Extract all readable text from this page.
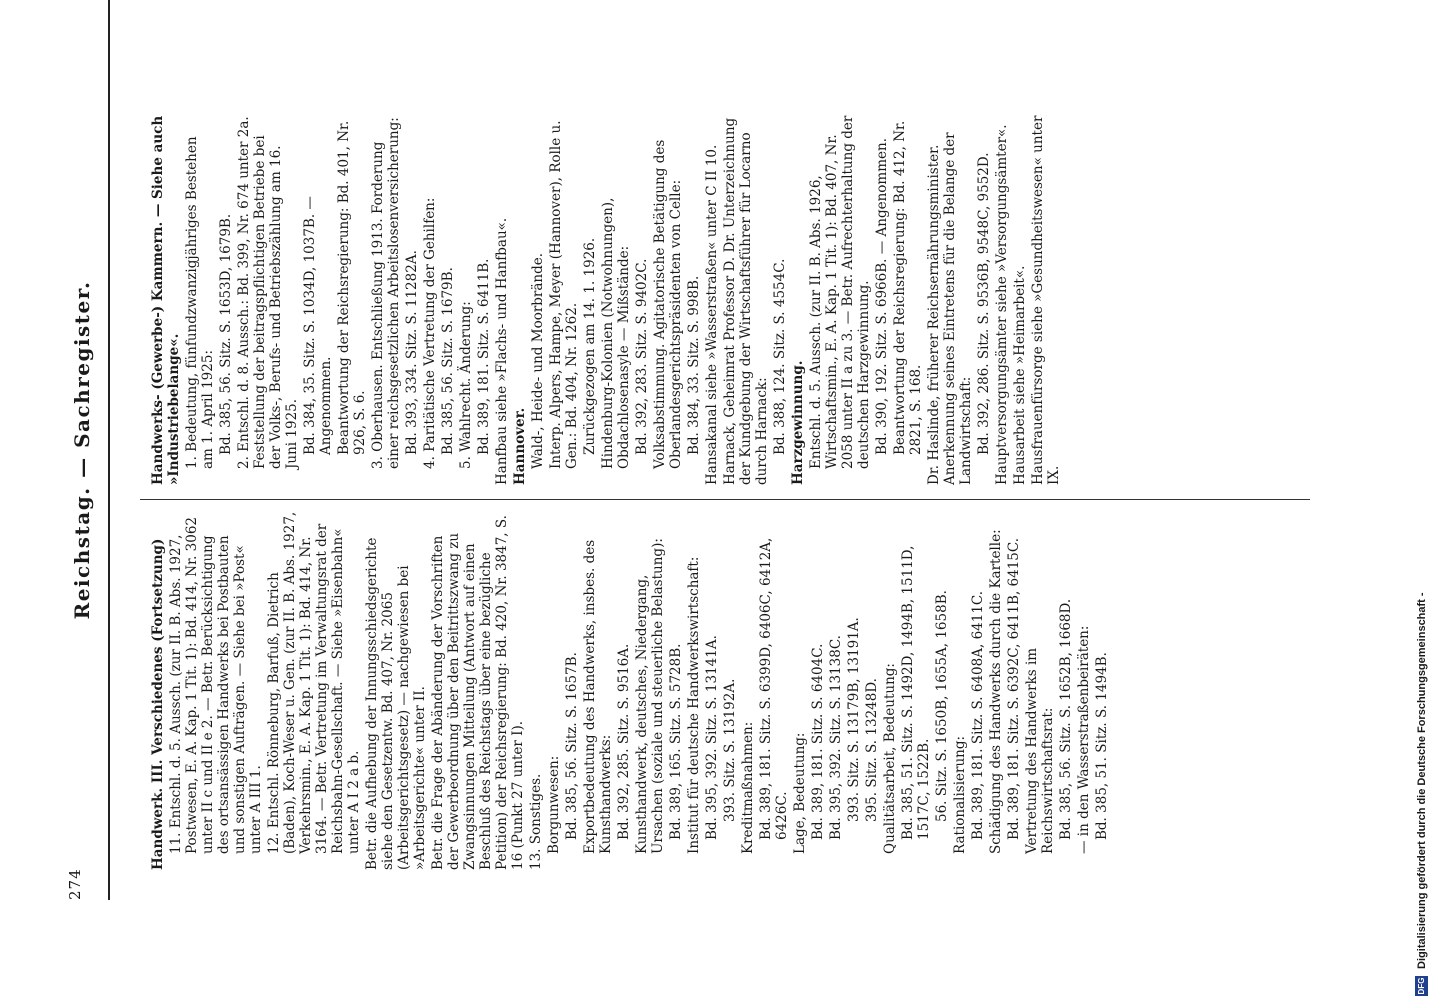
274
Reichstag. — Sachregister.

Handwerk. III. Verschiedenes (Fortsetzung) 11. Entschl. d. 5. Aussch. (zur II. B. Abs. 1927, Postwesen, E. A. Kap. 1 Tit. 1): Bd. 414, Nr. 3062 unter II c und II e 2. — Betr. Berücksichtigung des ortsansässigen Handwerks bei Postbauten und sonstigen Aufträgen. — Siehe bei »Post« unter A III 1. 12. Entschl. Rönneburg, Barfuß, Dietrich (Baden), Koch-Weser u. Gen. (zur II. B. Abs. 1927, Verkehrsmin., E. A. Kap. 1 Tit. 1): Bd. 414, Nr. 3164. — Betr. Vertretung im Verwaltungsrat der Reichsbahn-Gesellschaft. — Siehe »Eisenbahn« unter A I 2 a b. Betr. die Aufhebung der Innungsschiedsgerichte siehe den Gesetzentw. Bd. 407, Nr. 2065 (Arbeitsgerichtsgesetz) — nachgewiesen bei »Arbeitsgerichte« unter II. Betr. die Frage der Abänderung der Vorschriften der Gewerbeordnung über den Beitrittszwang zu Zwangsinnungen Mitteilung (Antwort auf einen Beschluß des Reichstags über eine bezügliche Petition) der Reichsregierung: Bd. 420, Nr. 3847, S. 16 (Punkt 27 unter I). 13. Sonstiges. Borgunwesen: Bd. 385, 56. Sitz. S. 1657B. Exportbedeutung des Handwerks, insbes. des Kunsthandwerks: Bd. 392, 285. Sitz. S. 9516A. Kunsthandwerk, deutsches, Niedergang, Ursachen (soziale und steuerliche Belastung): Bd. 389, 165. Sitz. S. 5728B. Institut für deutsche Handwerkswirtschaft: Bd. 395, 392. Sitz. S. 13141A. 393. Sitz. S. 13192A. Kreditmaßnahmen: Bd. 389, 181. Sitz. S. 6399D, 6406C, 6412A, 6426C. Lage, Bedeutung: Bd. 389, 181. Sitz. S. 6404C. Bd. 395, 392. Sitz. S. 13138C. 393. Sitz. S. 13179B, 13191A. 395. Sitz. S. 13248D. Qualitätsarbeit, Bedeutung: Bd. 385, 51. Sitz. S. 1492D, 1494B, 1511D, 1517C, 1522B. 56. Sitz. S. 1650B, 1655A, 1658B. Rationalisierung: Bd. 389, 181. Sitz. S. 6408A, 6411C. Schädigung des Handwerks durch die Kartelle: Bd. 389, 181. Sitz. S. 6392C, 6411B, 6415C. Vertretung des Handwerks im Reichswirtschaftsrat: Bd. 385, 56. Sitz. S. 1652B, 1668D. — in den Wasserstraßenbeiräten: Bd. 385, 51. Sitz. S. 1494B.

Handwerks- (Gewerbe-) Kammern. — Siehe auch »Industriebelange«. 1. Bedeutung, fünfundzwanzigjähriges Bestehen am 1. April 1925: Bd. 385, 56. Sitz. S. 1653D, 1679B. 2. Entschl. d. 8. Aussch.: Bd. 399, Nr. 674 unter 2a. Feststellung der beitragspflichtigen Betriebe bei der Volks-, Berufs- und Betriebszählung am 16. Juni 1925. Bd. 384, 35. Sitz. S. 1034D, 1037B. — Angenommen. Beantwortung der Reichsregierung: Bd. 401, Nr. 926, S. 6. 3. Oberhausen. Entschließung 1913. Forderung einer reichsgesetzlichen Arbeitslosenversicherung: Bd. 393, 334. Sitz. S. 11282A. 4. Paritätische Vertretung der Gehilfen: Bd. 385, 56. Sitz. S. 1679B. 5. Wahlrecht. Änderung: Bd. 389, 181. Sitz. S. 6411B. Hanfbau siehe »Flachs- und Hanfbau«. Hannover. Wald-, Heide- und Moorbrände. Interp. Alpers, Hampe, Meyer (Hannover), Rolle u. Gen.: Bd. 404, Nr. 1262. Zurückgezogen am 14. 1. 1926. Hindenburg-Kolonien (Notwohnungen), Obdachlosenasyle — Mißstände: Bd. 392, 283. Sitz. S. 9402C. Volksabstimmung. Agitatorische Betätigung des Oberlandesgerichtspräsidenten von Celle: Bd. 384, 33. Sitz. S. 998B. Hansakanal siehe »Wasserstraßen« unter C II 10. Harnack, Geheimrat Professor D. Dr. Unterzeichnung der Kundgebung der Wirtschaftsführer für Locarno durch Harnack: Bd. 388, 124. Sitz. S. 4554C. Harzgewinnung. Entschl. d. 5. Aussch. (zur II. B. Abs. 1926, Wirtschaftsmin., E. A. Kap. 1 Tit. 1): Bd. 407, Nr. 2058 unter II a zu 3. — Betr. Aufrechterhaltung der deutschen Harzgewinnung. Bd. 390, 192. Sitz. S. 6966B. — Angenommen. Beantwortung der Reichsregierung: Bd. 412, Nr. 2821, S. 168. Dr. Haslinde, früherer Reichsernährungsminister. Anerkennung seines Eintretens für die Belange der Landwirtschaft: Bd. 392, 286. Sitz. S. 9536B, 9548C, 9552D. Hauptversorgungsämter siehe »Versorgungsämter«. Hausarbeit siehe »Heimarbeit«. Hausfrauenfürsorge siehe »Gesundheitswesen« unter IX.

DFG Digitalisierung gefördert durch die Deutsche Forschungsgemeinschaft -
